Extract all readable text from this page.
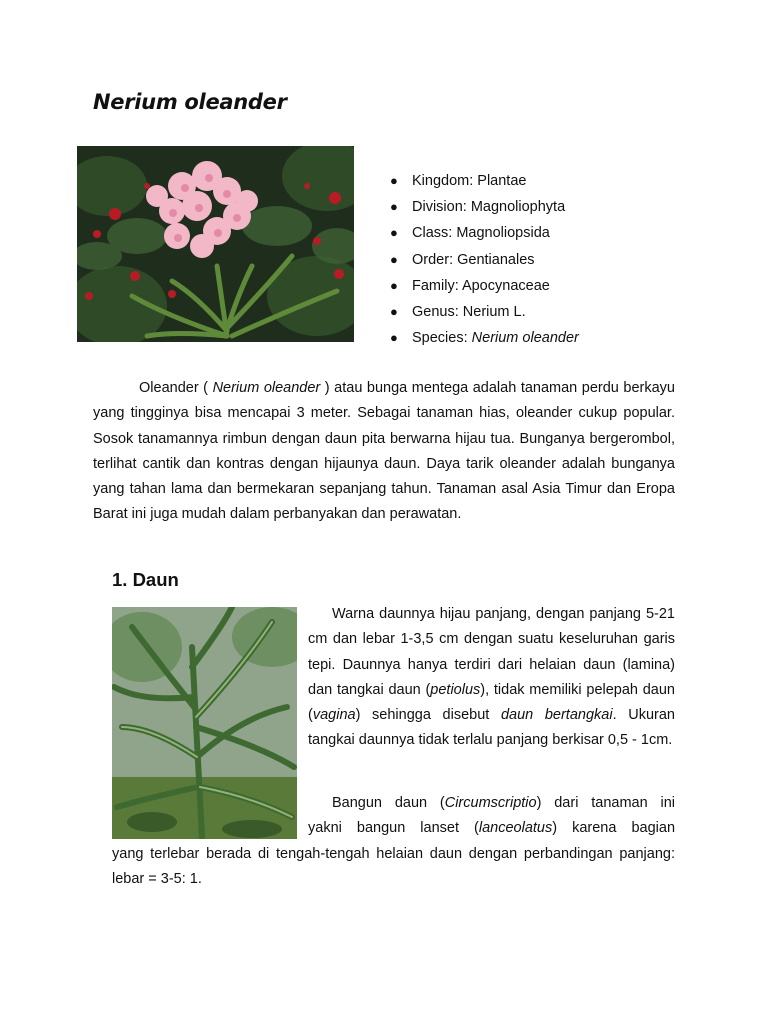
Nerium oleander
● Kingdom: Plantae
● Division: Magnoliophyta
● Class: Magnoliopsida
● Order: Gentianales
● Family: Apocynaceae
● Genus: Nerium L.
● Species: Nerium oleander

Oleander ( Nerium oleander ) atau bunga mentega adalah tanaman perdu berkayu yang tingginya bisa mencapai 3 meter. Sebagai tanaman hias, oleander cukup popular. Sosok tanamannya rimbun dengan daun pita berwarna hijau tua. Bunganya bergerombol, terlihat cantik dan kontras dengan hijaunya daun. Daya tarik oleander adalah bunganya yang tahan lama dan bermekaran sepanjang tahun. Tanaman asal Asia Timur dan Eropa Barat ini juga mudah dalam perbanyakan dan perawatan.

1. Daun

Warna daunnya hijau panjang, dengan panjang 5-21 cm dan lebar 1-3,5 cm dengan suatu keseluruhan garis tepi. Daunnya hanya terdiri dari helaian daun (lamina) dan tangkai daun (petiolus), tidak memiliki pelepah daun (vagina) sehingga disebut daun bertangkai. Ukuran tangkai daunnya tidak terlalu panjang berkisar 0,5 - 1cm.

Bangun daun (Circumscriptio) dari tanaman ini

yakni bangun lanset (lanceolatus) karena bagian

yang terlebar berada di tengah-tengah helaian daun dengan perbandingan panjang: lebar = 3-5: 1.
